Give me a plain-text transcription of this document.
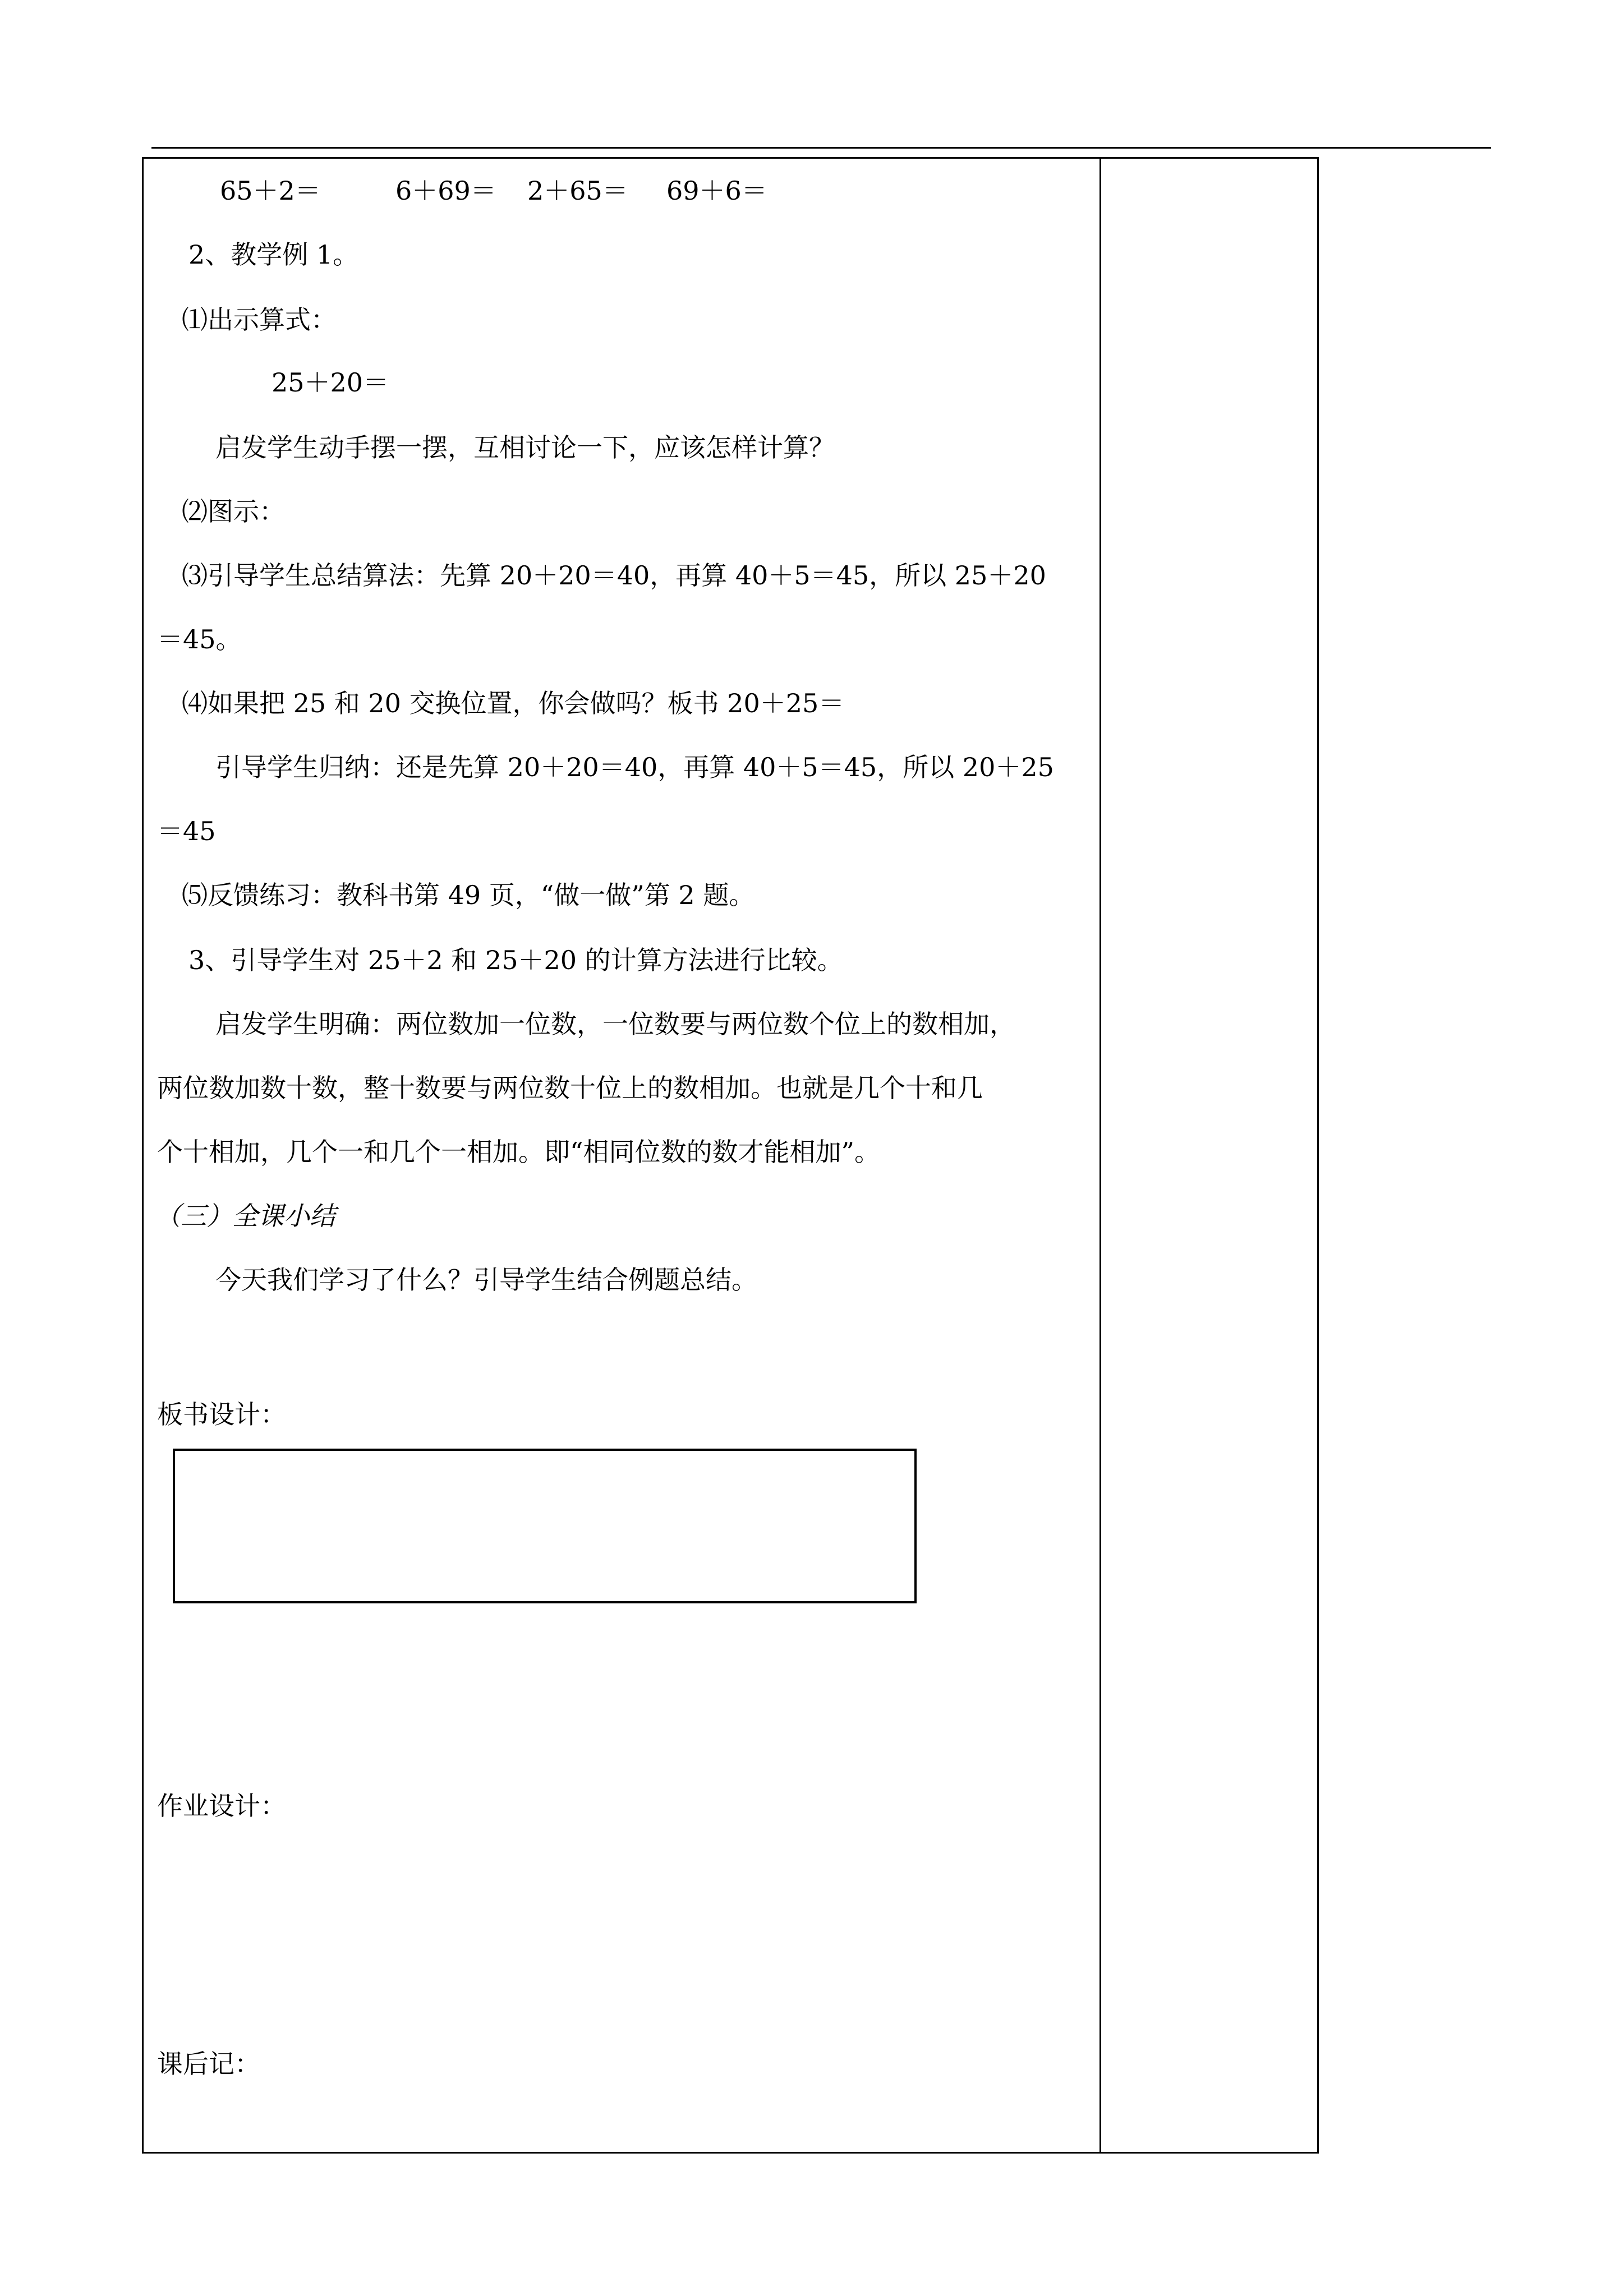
65＋2＝	6＋69＝ 2＋65＝ 69＋6＝
2、教学例 1。
⑴出示算式：
25＋20＝
启发学生动手摆一摆，互相讨论一下，应该怎样计算？
⑵图示：
⑶引导学生总结算法：先算 20＋20＝40，再算 40＋5＝45，所以 25＋20
＝45。
⑷如果把 25 和 20 交换位置，你会做吗？板书 20＋25＝
引导学生归纳：还是先算 20＋20＝40，再算 40＋5＝45，所以 20＋25
＝45
⑸反馈练习：教科书第 49 页，“做一做”第 2 题。
3、引导学生对 25＋2 和 25＋20 的计算方法进行比较。
启发学生明确：两位数加一位数，一位数要与两位数个位上的数相加，
两位数加数十数，整十数要与两位数十位上的数相加。也就是几个十和几
个十相加，几个一和几个一相加。即“相同位数的数才能相加”。
（三）全课小结
今天我们学习了什么？引导学生结合例题总结。
板书设计：
作业设计：
课后记：
